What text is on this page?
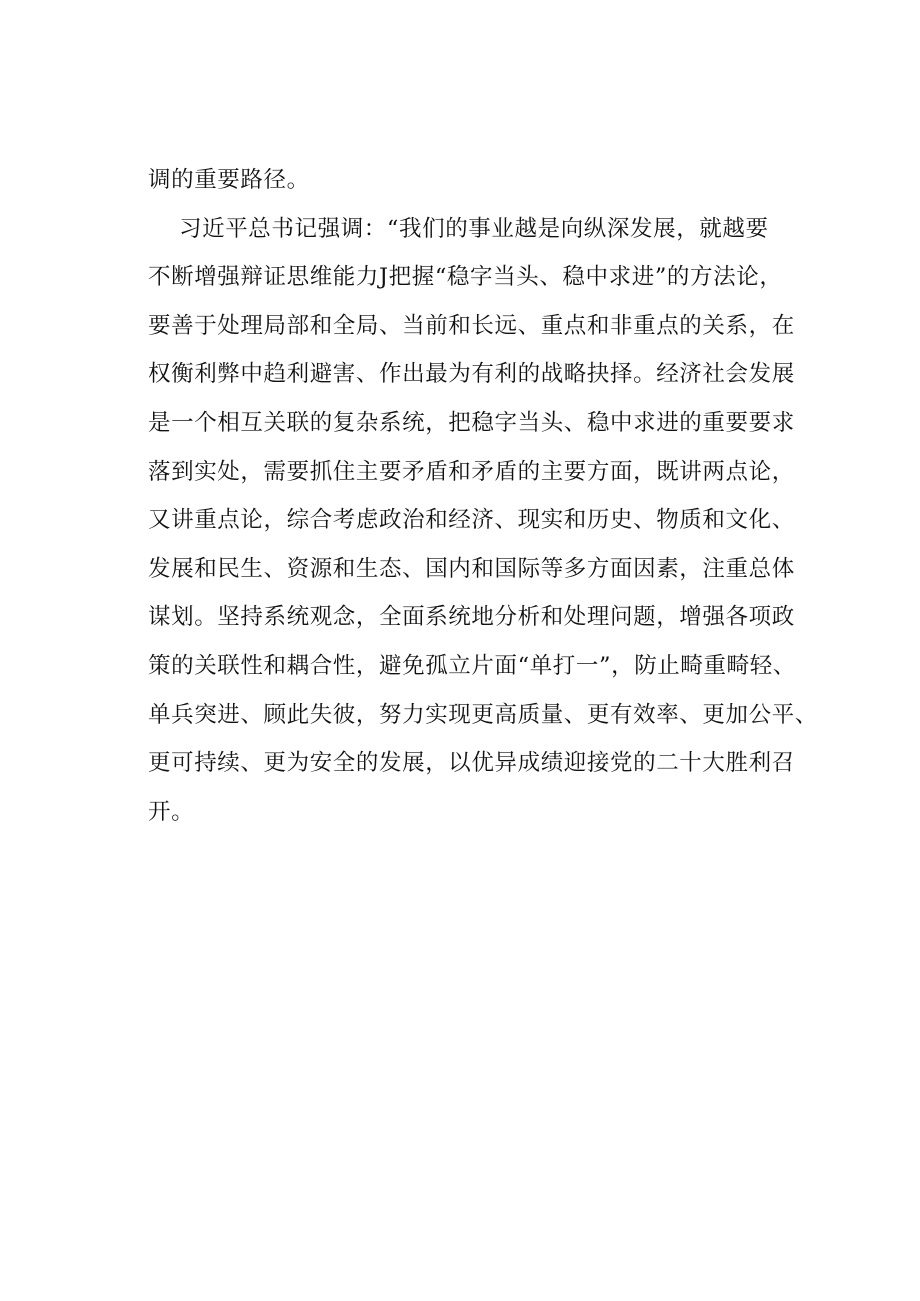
调的重要路径。
习近平总书记强调：“我们的事业越是向纵深发展，就越要
不断增强辩证思维能力J把握“稳字当头、稳中求进”的方法论，
要善于处理局部和全局、当前和长远、重点和非重点的关系，在
权衡利弊中趋利避害、作出最为有利的战略抉择。经济社会发展
是一个相互关联的复杂系统，把稳字当头、稳中求进的重要要求
落到实处，需要抓住主要矛盾和矛盾的主要方面，既讲两点论，
又讲重点论，综合考虑政治和经济、现实和历史、物质和文化、
发展和民生、资源和生态、国内和国际等多方面因素，注重总体
谋划。坚持系统观念，全面系统地分析和处理问题，增强各项政
策的关联性和耦合性，避免孤立片面“单打一”，防止畸重畸轻、
单兵突进、顾此失彼，努力实现更高质量、更有效率、更加公平、
更可持续、更为安全的发展，以优异成绩迎接党的二十大胜利召
开。
